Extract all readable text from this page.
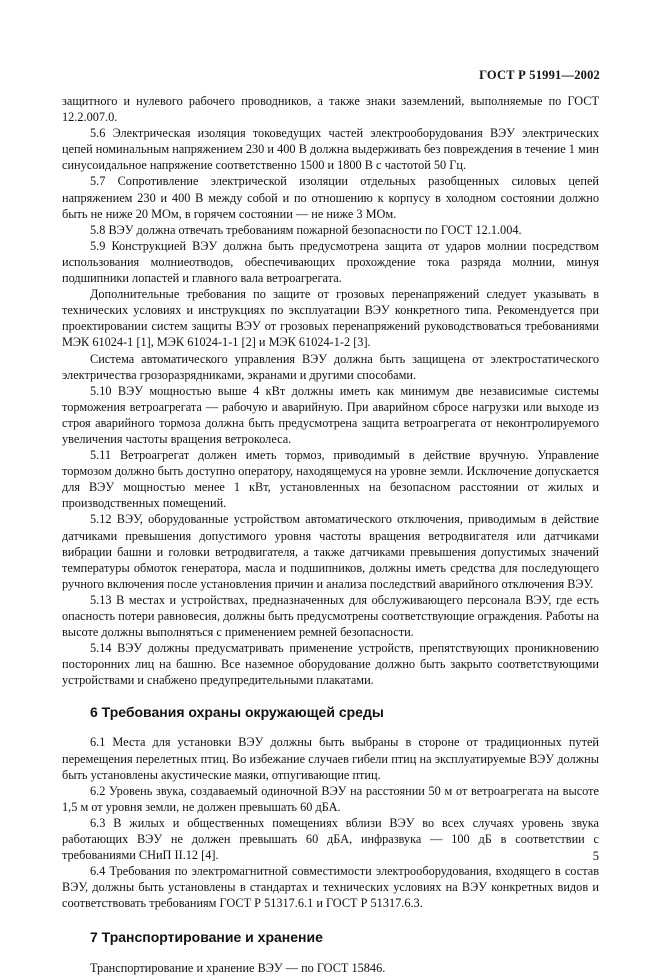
ГОСТ Р 51991—2002

защитного и нулевого рабочего проводников, а также знаки заземлений, выполняемые по ГОСТ 12.2.007.0.

5.6 Электрическая изоляция токоведущих частей электрооборудования ВЭУ электрических цепей номинальным напряжением 230 и 400 В должна выдерживать без повреждения в течение 1 мин синусоидальное напряжение соответственно 1500 и 1800 В с частотой 50 Гц.

5.7 Сопротивление электрической изоляции отдельных разобщенных силовых цепей напряжением 230 и 400 В между собой и по отношению к корпусу в холодном состоянии должно быть не ниже 20 МОм, в горячем состоянии — не ниже 3 МОм.

5.8 ВЭУ должна отвечать требованиям пожарной безопасности по ГОСТ 12.1.004.

5.9 Конструкцией ВЭУ должна быть предусмотрена защита от ударов молнии посредством использования молниеотводов, обеспечивающих прохождение тока разряда молнии, минуя подшипники лопастей и главного вала ветроагрегата.

Дополнительные требования по защите от грозовых перенапряжений следует указывать в технических условиях и инструкциях по эксплуатации ВЭУ конкретного типа. Рекомендуется при проектировании систем защиты ВЭУ от грозовых перенапряжений руководствоваться требованиями МЭК 61024-1 [1], МЭК 61024-1-1 [2] и МЭК 61024-1-2 [3].

Система автоматического управления ВЭУ должна быть защищена от электростатического электричества грозоразрядниками, экранами и другими способами.

5.10 ВЭУ мощностью выше 4 кВт должны иметь как минимум две независимые системы торможения ветроагрегата — рабочую и аварийную. При аварийном сбросе нагрузки или выходе из строя аварийного тормоза должна быть предусмотрена защита ветроагрегата от неконтролируемого увеличения частоты вращения ветроколеса.

5.11 Ветроагрегат должен иметь тормоз, приводимый в действие вручную. Управление тормозом должно быть доступно оператору, находящемуся на уровне земли. Исключение допускается для ВЭУ мощностью менее 1 кВт, установленных на безопасном расстоянии от жилых и производственных помещений.

5.12 ВЭУ, оборудованные устройством автоматического отключения, приводимым в действие датчиками превышения допустимого уровня частоты вращения ветродвигателя или датчиками вибрации башни и головки ветродвигателя, а также датчиками превышения допустимых значений температуры обмоток генератора, масла и подшипников, должны иметь средства для последующего ручного включения после установления причин и анализа последствий аварийного отключения ВЭУ.

5.13 В местах и устройствах, предназначенных для обслуживающего персонала ВЭУ, где есть опасность потери равновесия, должны быть предусмотрены соответствующие ограждения. Работы на высоте должны выполняться с применением ремней безопасности.

5.14 ВЭУ должны предусматривать применение устройств, препятствующих проникновению посторонних лиц на башню. Все наземное оборудование должно быть закрыто соответствующими устройствами и снабжено предупредительными плакатами.

6 Требования охраны окружающей среды

6.1 Места для установки ВЭУ должны быть выбраны в стороне от традиционных путей перемещения перелетных птиц. Во избежание случаев гибели птиц на эксплуатируемые ВЭУ должны быть установлены акустические маяки, отпугивающие птиц.

6.2 Уровень звука, создаваемый одиночной ВЭУ на расстоянии 50 м от ветроагрегата на высоте 1,5 м от уровня земли, не должен превышать 60 дБА.

6.3 В жилых и общественных помещениях вблизи ВЭУ во всех случаях уровень звука работающих ВЭУ не должен превышать 60 дБА, инфразвука — 100 дБ в соответствии с требованиями СНиП II.12 [4].

6.4 Требования по электромагнитной совместимости электрооборудования, входящего в состав ВЭУ, должны быть установлены в стандартах и технических условиях на ВЭУ конкретных видов и соответствовать требованиям ГОСТ Р 51317.6.1 и ГОСТ Р 51317.6.3.

7 Транспортирование и хранение

Транспортирование и хранение ВЭУ — по ГОСТ 15846.

5
